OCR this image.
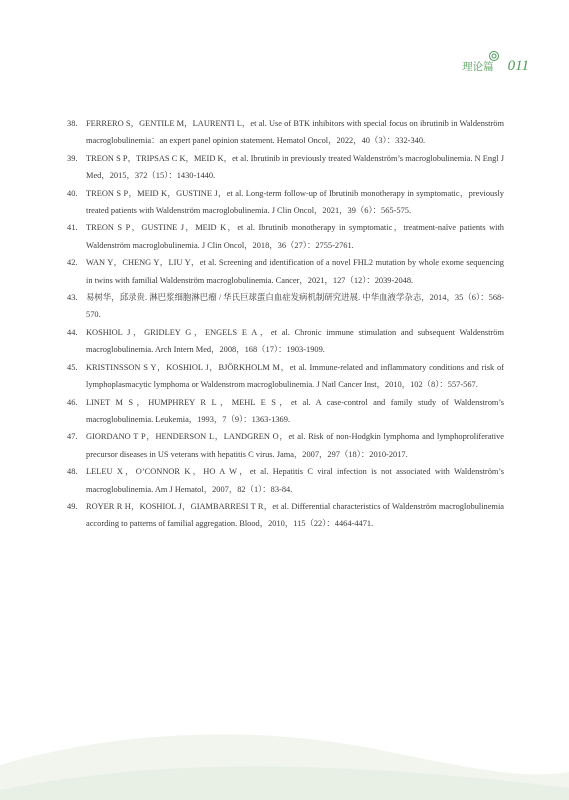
理论篇 011
38.	FERRERO S，GENTILE M，LAURENTI L，et al. Use of BTK inhibitors with special focus on ibrutinib in Waldenström macroglobulinemia：an expert panel opinion statement. Hematol Oncol，2022，40（3）：332-340.
39.	TREON S P，TRIPSAS C K，MEID K，et al. Ibrutinib in previously treated Waldenström’s macroglobulinemia. N Engl J Med，2015，372（15）：1430-1440.
40.	TREON S P，MEID K，GUSTINE J，et al. Long-term follow-up of Ibrutinib monotherapy in symptomatic，previously treated patients with Waldenström macroglobulinemia. J Clin Oncol，2021，39（6）：565-575.
41.	TREON S P，GUSTINE J，MEID K，et al. Ibrutinib monotherapy in symptomatic，treatment-naïve patients with Waldenström macroglobulinemia. J Clin Oncol，2018，36（27）：2755-2761.
42.	WAN Y，CHENG Y，LIU Y，et al. Screening and identification of a novel FHL2 mutation by whole exome sequencing in twins with familial Waldenström macroglobulinemia. Cancer，2021，127（12）：2039-2048.
43.	易树华，邱录贵. 淋巴浆细胞淋巴瘤 / 华氏巨球蛋白血症发病机制研究进展. 中华血液学杂志，2014，35（6）：568-570.
44.	KOSHIOL J，GRIDLEY G，ENGELS E A，et al. Chronic immune stimulation and subsequent Waldenström macroglobulinemia. Arch Intern Med，2008，168（17）：1903-1909.
45.	KRISTINSSON S Y，KOSHIOL J，BJÖRKHOLM M，et al. Immune-related and inflammatory conditions and risk of lymphoplasmacytic lymphoma or Waldenstrom macroglobulinemia. J Natl Cancer Inst，2010，102（8）：557-567.
46.	LINET M S，HUMPHREY R L，MEHL E S，et al. A case-control and family study of Waldenstrom’s macroglobulinemia. Leukemia，1993，7（9）：1363-1369.
47.	GIORDANO T P，HENDERSON L，LANDGREN O，et al. Risk of non-Hodgkin lymphoma and lymphoproliferative precursor diseases in US veterans with hepatitis C virus. Jama，2007，297（18）：2010-2017.
48.	LELEU X，O’CONNOR K，HO A W，et al. Hepatitis C viral infection is not associated with Waldenström’s macroglobulinemia. Am J Hematol，2007，82（1）：83-84.
49.	ROYER R H，KOSHIOL J，GIAMBARRESI T R，et al. Differential characteristics of Waldenström macroglobulinemia according to patterns of familial aggregation. Blood，2010，115（22）：4464-4471.
